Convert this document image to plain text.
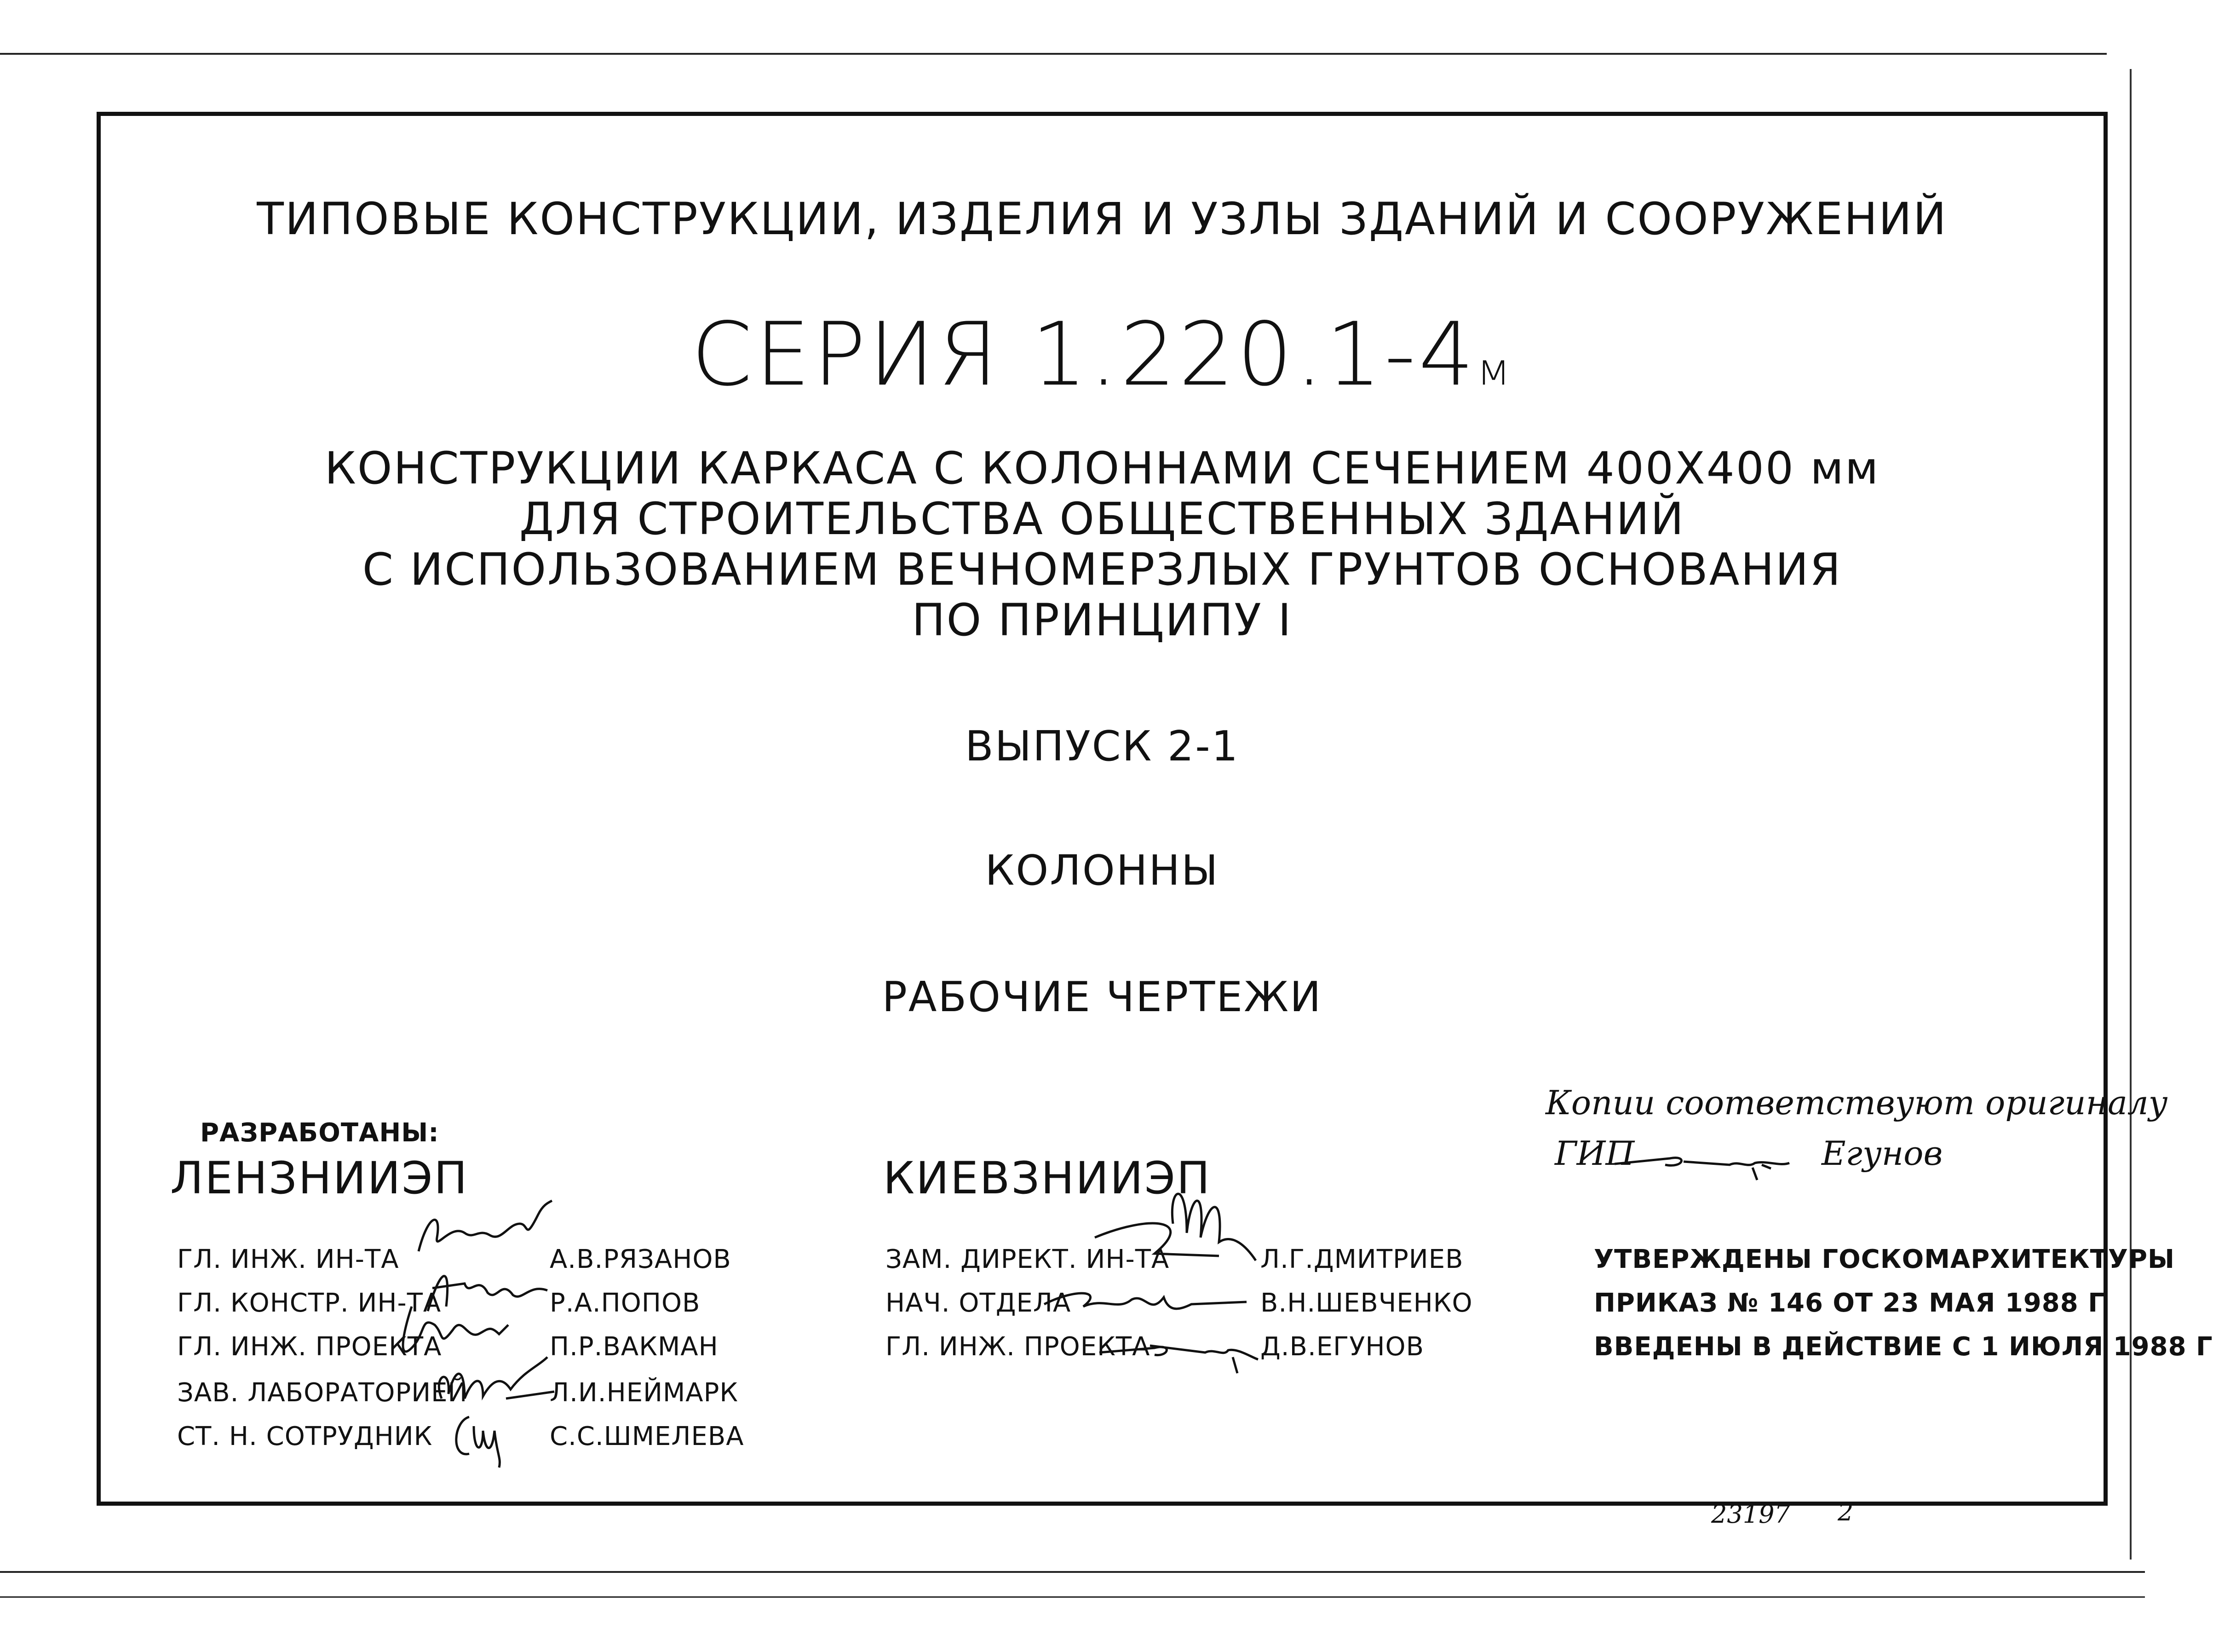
ТИПОВЫЕ КОНСТРУКЦИИ, ИЗДЕЛИЯ И УЗЛЫ ЗДАНИЙ И СООРУЖЕНИЙ
СЕРИЯ 1.220.1-4м
КОНСТРУКЦИИ КАРКАСА С КОЛОННАМИ СЕЧЕНИЕМ 400Х400 мм
ДЛЯ СТРОИТЕЛЬСТВА ОБЩЕСТВЕННЫХ ЗДАНИЙ
С ИСПОЛЬЗОВАНИЕМ ВЕЧНОМЕРЗЛЫХ ГРУНТОВ ОСНОВАНИЯ
ПО ПРИНЦИПУ I
ВЫПУСК 2-1
КОЛОННЫ
РАБОЧИЕ ЧЕРТЕЖИ
РАЗРАБОТАНЫ:
ЛЕНЗНИИЭП
ГЛ. ИНЖ. ИН-ТА
ГЛ. КОНСТР. ИН-ТА
ГЛ. ИНЖ. ПРОЕКТА
ЗАВ. ЛАБОРАТОРИЕЙ
СТ. Н. СОТРУДНИК
А.В.РЯЗАНОВ
Р.А.ПОПОВ
П.Р.ВАКМАН
Л.И.НЕЙМАРК
С.С.ШМЕЛЕВА
КИЕВЗНИИЭП
ЗАМ. ДИРЕКТ. ИН-ТА
НАЧ. ОТДЕЛА
ГЛ. ИНЖ. ПРОЕКТА
Л.Г.ДМИТРИЕВ
В.Н.ШЕВЧЕНКО
Д.В.ЕГУНОВ
УТВЕРЖДЕНЫ ГОСКОМАРХИТЕКТУРЫ
ПРИКАЗ № 146 ОТ 23 МАЯ 1988 Г
ВВЕДЕНЫ В ДЕЙСТВИЕ С 1 ИЮЛЯ 1988 Г
Копии соответствуют оригиналу
ГИП	Егунов
23197 2
